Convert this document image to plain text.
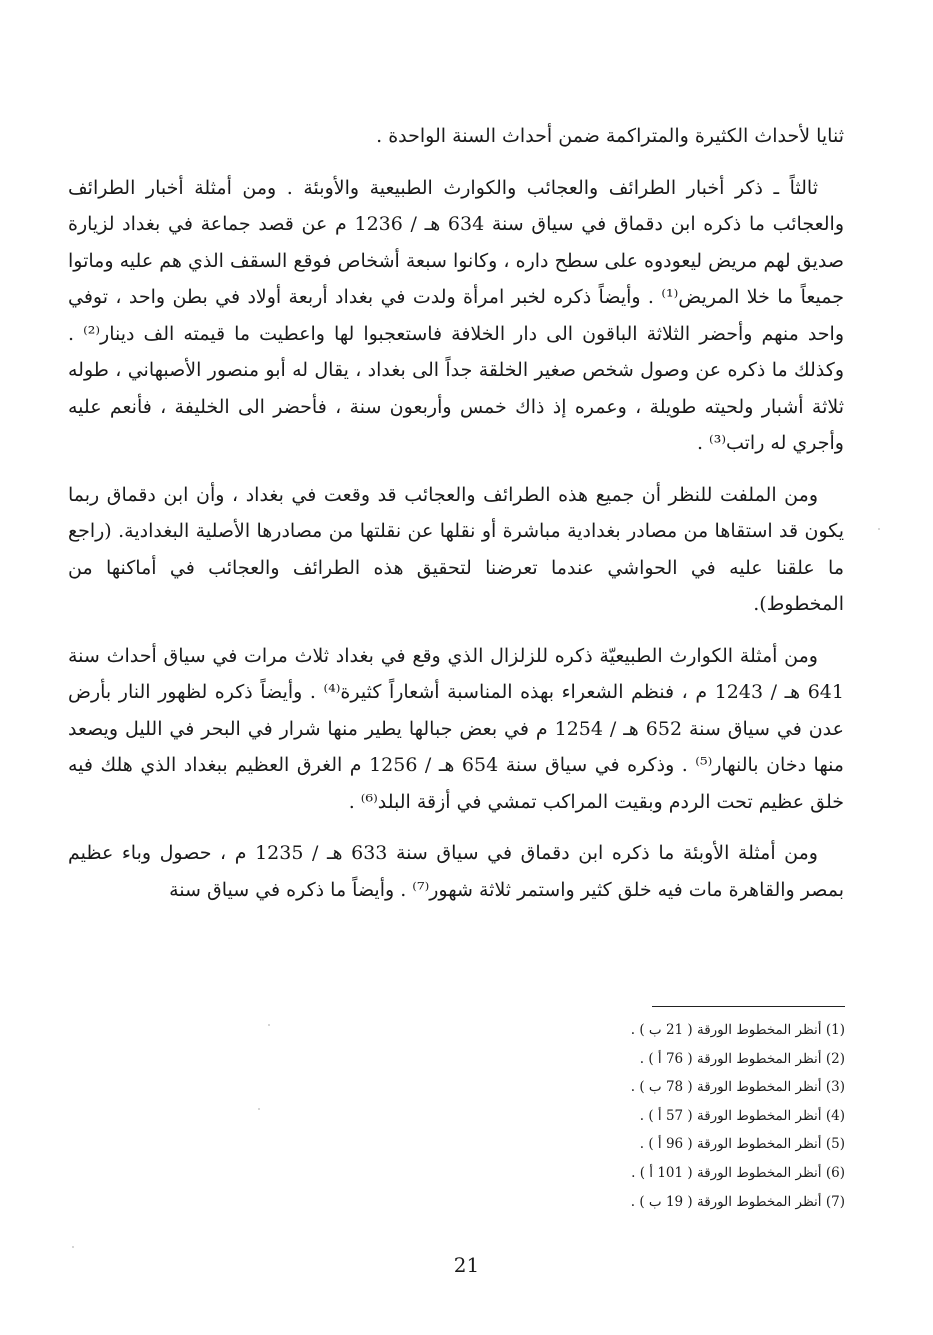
ثنايا لأحداث الكثيرة والمتراكمة ضمن أحداث السنة الواحدة .

ثالثاً ـ ذكر أخبار الطرائف والعجائب والكوارث الطبيعية والأوبئة . ومن أمثلة أخبار الطرائف والعجائب ما ذكره ابن دقماق في سياق سنة 634 هـ / 1236 م عن قصد جماعة في بغداد لزيارة صديق لهم مريض ليعودوه على سطح داره ، وكانوا سبعة أشخاص فوقع السقف الذي هم عليه وماتوا جميعاً ما خلا المريض⁽¹⁾ . وأيضاً ذكره لخبر امرأة ولدت في بغداد أربعة أولاد في بطن واحد ، توفي واحد منهم وأحضر الثلاثة الباقون الى دار الخلافة فاستعجبوا لها واعطيت ما قيمته الف دينار⁽²⁾ . وكذلك ما ذكره عن وصول شخص صغير الخلقة جداً الى بغداد ، يقال له أبو منصور الأصبهاني ، طوله ثلاثة أشبار ولحيته طويلة ، وعمره إذ ذاك خمس وأربعون سنة ، فأحضر الى الخليفة ، فأنعم عليه وأجري له راتب⁽³⁾ .

ومن الملفت للنظر أن جميع هذه الطرائف والعجائب قد وقعت في بغداد ، وأن ابن دقماق ربما يكون قد استقاها من مصادر بغدادية مباشرة أو نقلها عن نقلتها من مصادرها الأصلية البغدادية. (راجع ما علقنا عليه في الحواشي عندما تعرضنا لتحقيق هذه الطرائف والعجائب في أماكنها من المخطوط).

ومن أمثلة الكوارث الطبيعيّة ذكره للزلزال الذي وقع في بغداد ثلاث مرات في سياق أحداث سنة 641 هـ / 1243 م ، فنظم الشعراء بهذه المناسبة أشعاراً كثيرة⁽⁴⁾ . وأيضاً ذكره لظهور النار بأرض عدن في سياق سنة 652 هـ / 1254 م في بعض جبالها يطير منها شرار في البحر في الليل ويصعد منها دخان بالنهار⁽⁵⁾ . وذكره في سياق سنة 654 هـ / 1256 م الغرق العظيم ببغداد الذي هلك فيه خلق عظيم تحت الردم وبقيت المراكب تمشي في أزقة البلد⁽⁶⁾ .

ومن أمثلة الأوبئة ما ذكره ابن دقماق في سياق سنة 633 هـ / 1235 م ، حصول وباء عظيم بمصر والقاهرة مات فيه خلق كثير واستمر ثلاثة شهور⁽⁷⁾ . وأيضاً ما ذكره في سياق سنة

(1) أنظر المخطوط الورقة ( 21 ب ) .

(2) أنظر المخطوط الورقة ( 76 أ ) .

(3) أنظر المخطوط الورقة ( 78 ب ) .

(4) أنظر المخطوط الورقة ( 57 أ ) .

(5) أنظر المخطوط الورقة ( 96 أ ) .

(6) أنظر المخطوط الورقة ( 101 أ ) .

(7) أنظر المخطوط الورقة ( 19 ب ) .

21
